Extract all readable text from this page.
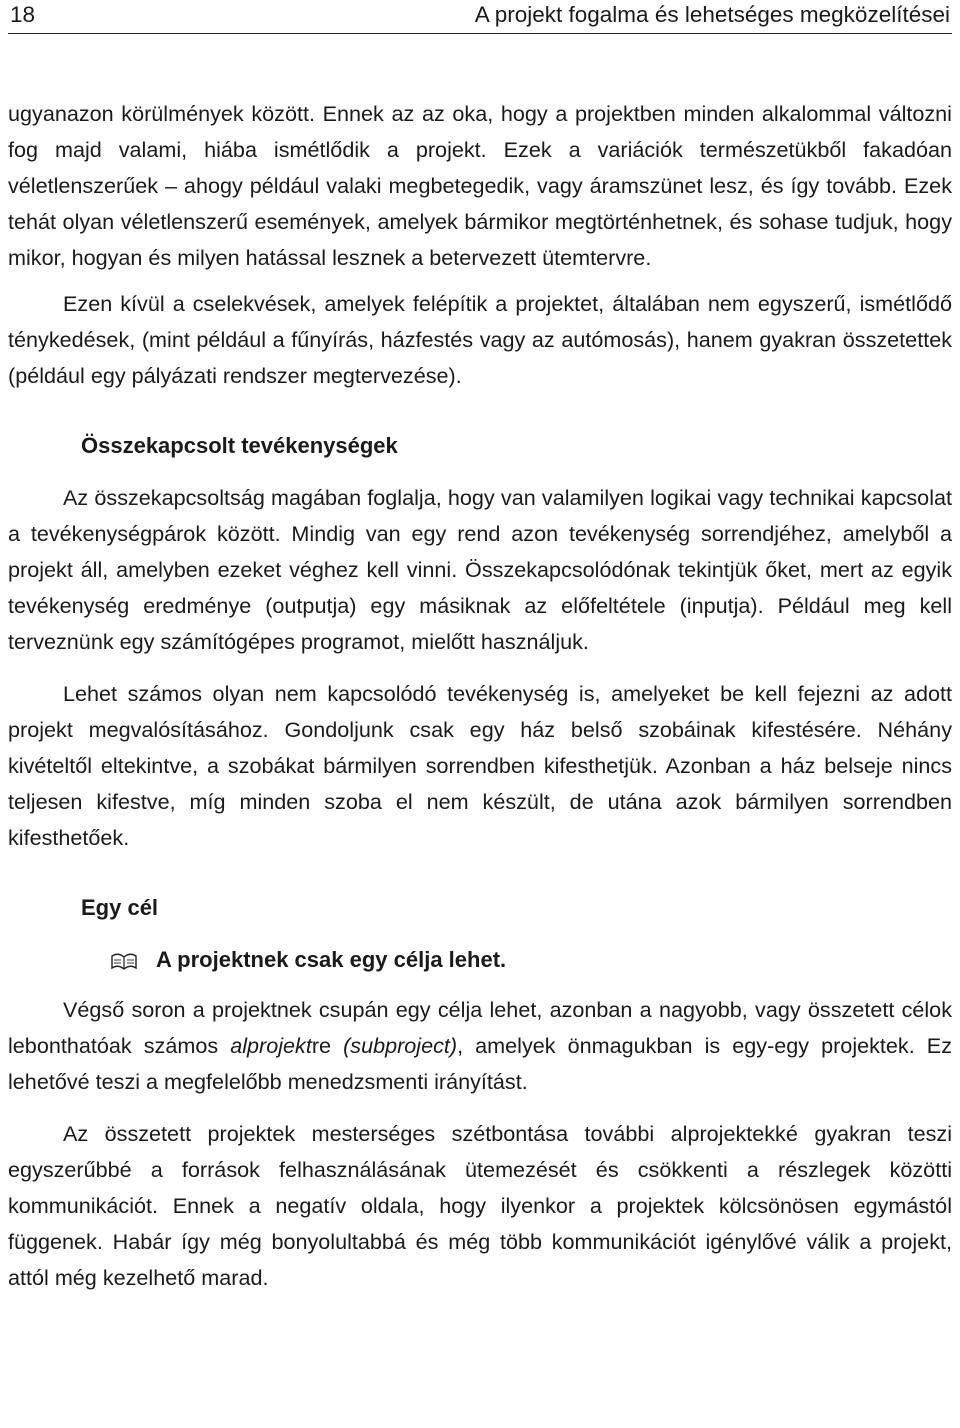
18	A projekt fogalma és lehetséges megközelítései

ugyanazon körülmények között. Ennek az az oka, hogy a projektben minden alkalommal változni fog majd valami, hiába ismétlődik a projekt. Ezek a variációk természetükből fakadóan véletlenszerűek – ahogy például valaki megbetegedik, vagy áramszünet lesz, és így tovább. Ezek tehát olyan véletlenszerű események, amelyek bármikor megtörténhetnek, és sohase tudjuk, hogy mikor, hogyan és milyen hatással lesznek a betervezett ütemtervre.

Ezen kívül a cselekvések, amelyek felépítik a projektet, általában nem egyszerű, ismétlődő ténykedések, (mint például a fűnyírás, házfestés vagy az autómosás), hanem gyakran összetettek (például egy pályázati rendszer megtervezése).

Összekapcsolt tevékenységek

Az összekapcsoltság magában foglalja, hogy van valamilyen logikai vagy technikai kapcsolat a tevékenységpárok között. Mindig van egy rend azon tevékenység sorrendjéhez, amelyből a projekt áll, amelyben ezeket véghez kell vinni. Összekapcsolódónak tekintjük őket, mert az egyik tevékenység eredménye (outputja) egy másiknak az előfeltétele (inputja). Például meg kell terveznünk egy számítógépes programot, mielőtt használjuk.

Lehet számos olyan nem kapcsolódó tevékenység is, amelyeket be kell fejezni az adott projekt megvalósításához. Gondoljunk csak egy ház belső szobáinak kifestésére. Néhány kivételtől eltekintve, a szobákat bármilyen sorrendben kifesthetjük. Azonban a ház belseje nincs teljesen kifestve, míg minden szoba el nem készült, de utána azok bármilyen sorrendben kifesthetőek.

Egy cél
A projektnek csak egy célja lehet.

Végső soron a projektnek csupán egy célja lehet, azonban a nagyobb, vagy összetett célok lebonthatóak számos alprojektre (subproject), amelyek önmagukban is egy-egy projektek. Ez lehetővé teszi a megfelelőbb menedzsmenti irányítást.

Az összetett projektek mesterséges szétbontása további alprojektekké gyakran teszi egyszerűbbé a források felhasználásának ütemezését és csökkenti a részlegek közötti kommunikációt. Ennek a negatív oldala, hogy ilyenkor a projektek kölcsönösen egymástól függenek. Habár így még bonyolultabbá és még több kommunikációt igénylővé válik a projekt, attól még kezelhető marad.
